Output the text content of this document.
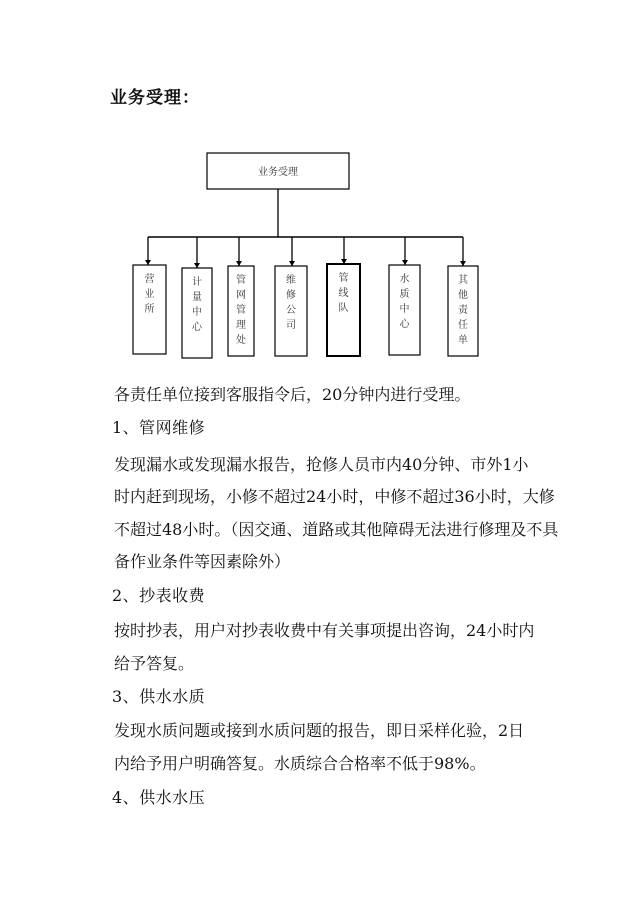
业务受理：
业务受理
营
业
所
计
量
中
心
管
网
管
理
处
维
修
公
司
管
线
队
水
质
中
心
其
他
责
任
单
各责任单位接到客服指令后，20分钟内进行受理。
1、管网维修
发现漏水或发现漏水报告，抢修人员市内40分钟、市外1小
时内赶到现场，小修不超过24小时，中修不超过36小时，大修
不超过48小时。（因交通、道路或其他障碍无法进行修理及不具
备作业条件等因素除外）
2、抄表收费
按时抄表，用户对抄表收费中有关事项提出咨询，24小时内
给予答复。
3、供水水质
发现水质问题或接到水质问题的报告，即日采样化验，2日
内给予用户明确答复。水质综合合格率不低于98%。
4、供水水压
